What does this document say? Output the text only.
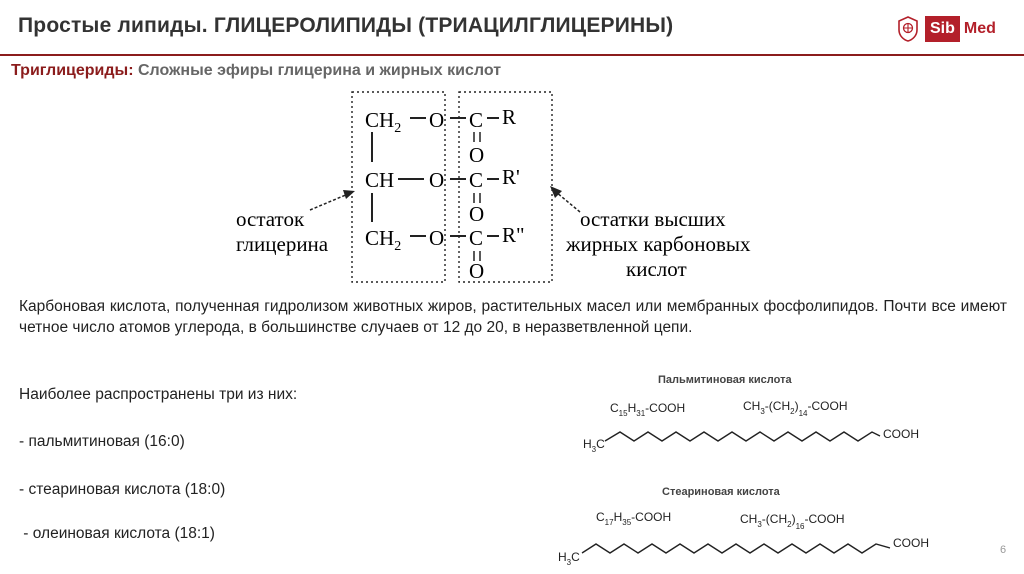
Простые липиды. ГЛИЦЕРОЛИПИДЫ (ТРИАЦИЛГЛИЦЕРИНЫ)	Sib Med
Триглицериды: Сложные эфиры глицерина и жирных кислот
$CH_2$ O C R
O
CH O C R'
O
$CH_2$ O C R"
O
остаток
глицерина
остатки высших
жирных карбоновых
кислот
Карбоновая кислота, полученная гидролизом животных жиров, растительных масел или мембранных фосфолипидов. Почти все имеют четное число атомов углерода, в большинстве случаев от 12 до 20, в неразветвленной цепи.
Наиболее распространены три из них:
- пальмитиновая (16:0)
- стеариновая кислота (18:0)
- олеиновая кислота (18:1)
Пальмитиновая кислота
$C_{15}H_{31}$-COOH	$CH_3-(CH_2)_{14}$-COOH
$H_3C$
COOH
Стеариновая кислота
$C_{17}H_{35}$-COOH	$CH_3-(CH_2)_{16}$-COOH
$H_3C$
COOH	6
